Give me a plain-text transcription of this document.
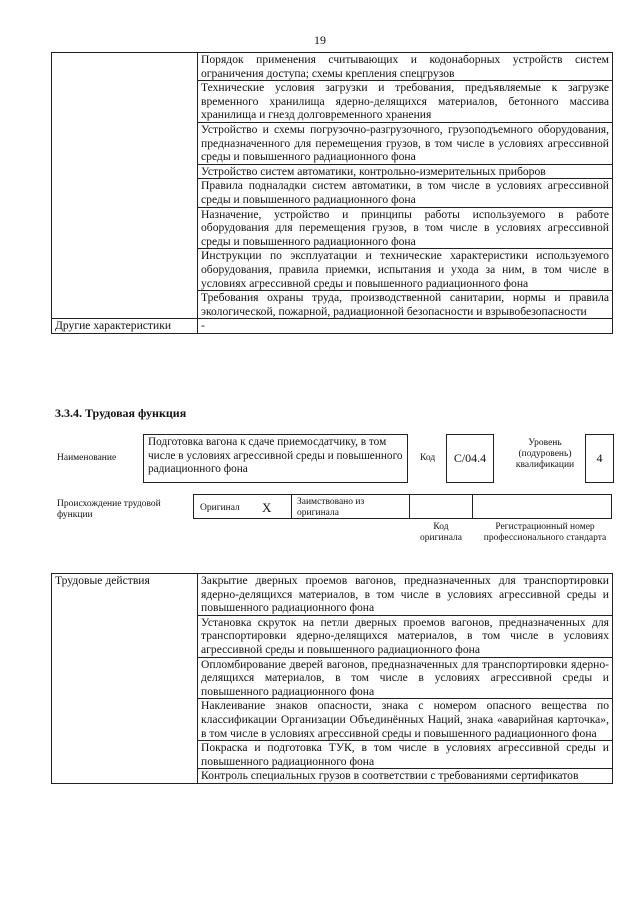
19
	Порядок применения считывающих и кодонаборных устройств систем ограничения доступа; схемы крепления спецгрузов
	Технические условия загрузки и требования, предъявляемые к загрузке временного хранилища ядерно-делящихся материалов, бетонного массива хранилища и гнезд долговременного хранения
	Устройство и схемы погрузочно-разгрузочного, грузоподъемного оборудования, предназначенного для перемещения грузов, в том числе в условиях агрессивной среды и повышенного радиационного фона
	Устройство систем автоматики, контрольно-измерительных приборов
	Правила подналадки систем автоматики, в том числе в условиях агрессивной среды и повышенного радиационного фона
	Назначение, устройство и принципы работы используемого в работе оборудования для перемещения грузов, в том числе в условиях агрессивной среды и повышенного радиационного фона
	Инструкции по эксплуатации и технические характеристики используемого оборудования, правила приемки, испытания и ухода за ним, в том числе в условиях агрессивной среды и повышенного радиационного фона
	Требования охраны труда, производственной санитарии, нормы и правила экологической, пожарной, радиационной безопасности и взрывобезопасности
Другие характеристики	-
3.3.4. Трудовая функция
Наименование
Подготовка вагона к сдаче приемосдатчику, в том числе в условиях агрессивной среды и повышенного радиационного фона
Код	C/04.4
Уровень (подуровень) квалификации	4
Происхождение трудовой функции
Оригинал X	Заимствовано из оригинала
Код оригинала
Регистрационный номер профессионального стандарта
Трудовые действия	Закрытие дверных проемов вагонов, предназначенных для транспортировки ядерно-делящихся материалов, в том числе в условиях агрессивной среды и повышенного радиационного фона
Установка скруток на петли дверных проемов вагонов, предназначенных для транспортировки ядерно-делящихся материалов, в том числе в условиях агрессивной среды и повышенного радиационного фона
Опломбирование дверей вагонов, предназначенных для транспортировки ядерно-делящихся материалов, в том числе в условиях агрессивной среды и повышенного радиационного фона
Наклеивание знаков опасности, знака с номером опасного вещества по классификации Организации Объединённых Наций, знака «аварийная карточка», в том числе в условиях агрессивной среды и повышенного радиационного фона
Покраска и подготовка ТУК, в том числе в условиях агрессивной среды и повышенного радиационного фона
Контроль специальных грузов в соответствии с требованиями сертификатов
